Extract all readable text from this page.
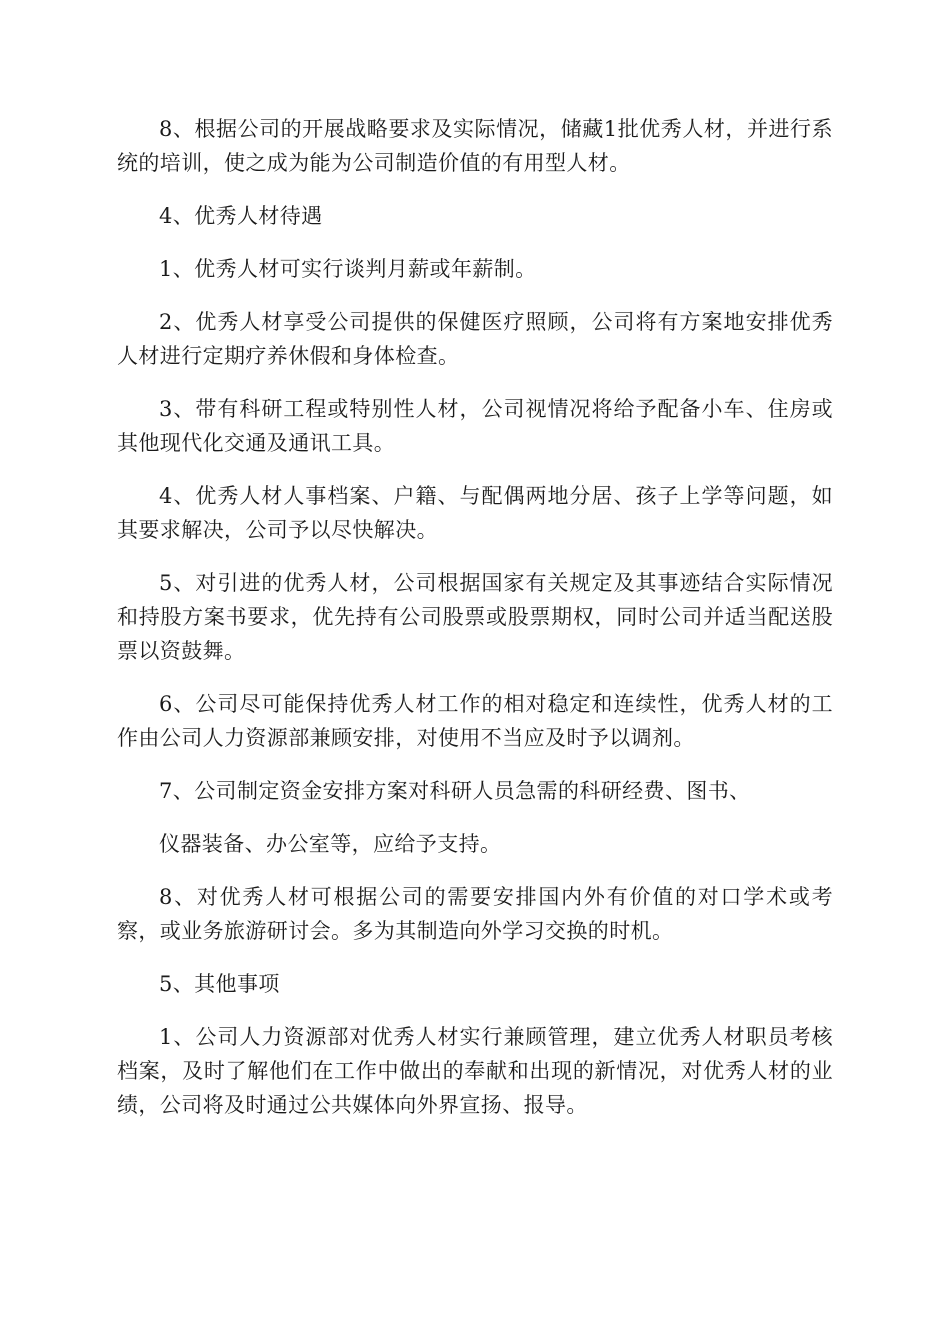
8、根据公司的开展战略要求及实际情况，储藏1批优秀人材，并进行系统的培训，使之成为能为公司制造价值的有用型人材。

4、优秀人材待遇

1、优秀人材可实行谈判月薪或年薪制。

2、优秀人材享受公司提供的保健医疗照顾，公司将有方案地安排优秀人材进行定期疗养休假和身体检查。

3、带有科研工程或特别性人材，公司视情况将给予配备小车、住房或其他现代化交通及通讯工具。

4、优秀人材人事档案、户籍、与配偶两地分居、孩子上学等问题，如其要求解决，公司予以尽快解决。

5、对引进的优秀人材，公司根据国家有关规定及其事迹结合实际情况和持股方案书要求，优先持有公司股票或股票期权，同时公司并适当配送股票以资鼓舞。

6、公司尽可能保持优秀人材工作的相对稳定和连续性，优秀人材的工作由公司人力资源部兼顾安排，对使用不当应及时予以调剂。

7、公司制定资金安排方案对科研人员急需的科研经费、图书、

仪器装备、办公室等，应给予支持。

8、对优秀人材可根据公司的需要安排国内外有价值的对口学术或考察，或业务旅游研讨会。多为其制造向外学习交换的时机。

5、其他事项

1、公司人力资源部对优秀人材实行兼顾管理，建立优秀人材职员考核档案，及时了解他们在工作中做出的奉献和出现的新情况，对优秀人材的业绩，公司将及时通过公共媒体向外界宣扬、报导。
